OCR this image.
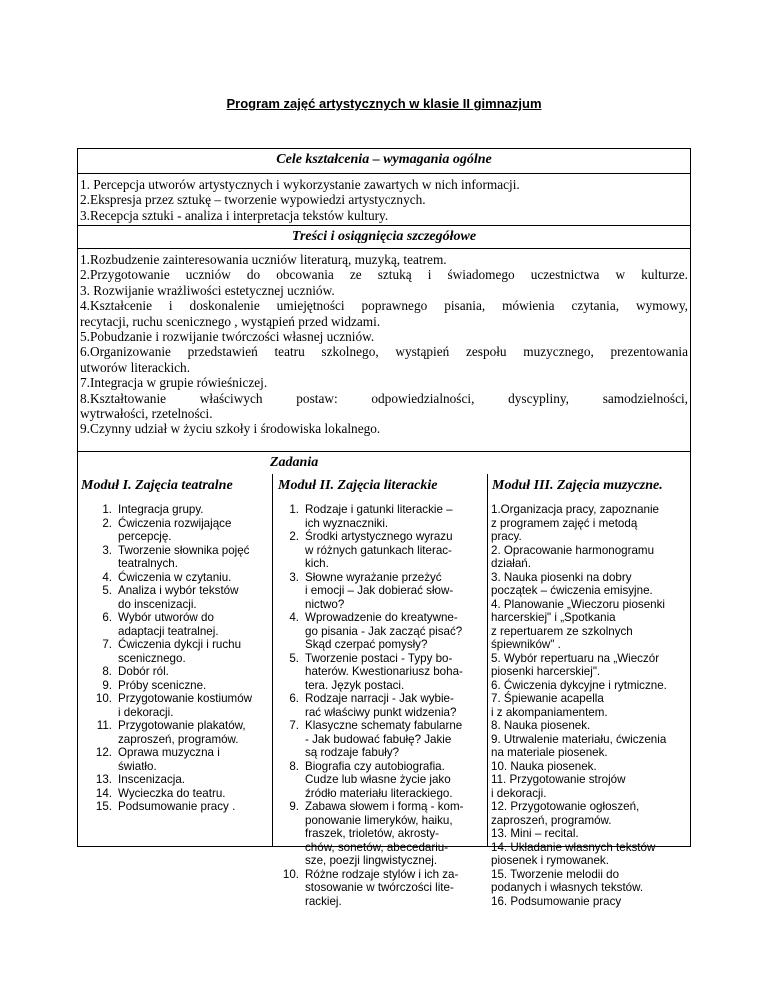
Program zajęć artystycznych w klasie II gimnazjum
Cele kształcenia – wymagania ogólne
1. Percepcja utworów artystycznych i wykorzystanie zawartych w nich informacji.
2.Ekspresja przez sztukę – tworzenie wypowiedzi artystycznych.
3.Recepcja sztuki - analiza i interpretacja tekstów kultury.
Treści i osiągnięcia szczegółowe
1.Rozbudzenie zainteresowania uczniów literaturą, muzyką, teatrem.
2.Przygotowanie uczniów do obcowania ze sztuką i świadomego uczestnictwa w kulturze.
3. Rozwijanie wrażliwości estetycznej uczniów.
4.Kształcenie i doskonalenie umiejętności poprawnego pisania, mówienia czytania, wymowy,
recytacji, ruchu scenicznego , wystąpień przed widzami.
5.Pobudzanie i rozwijanie twórczości własnej uczniów.
6.Organizowanie przedstawień teatru szkolnego, wystąpień zespołu muzycznego, prezentowania
utworów literackich.
7.Integracja w grupie rówieśniczej.
8.Kształtowanie właściwych postaw: odpowiedzialności, dyscypliny, samodzielności,
wytrwałości, rzetelności.
9.Czynny udział w życiu szkoły i środowiska lokalnego.
Zadania
Moduł I. Zajęcia teatralne	Moduł II. Zajęcia literackie	Moduł III. Zajęcia muzyczne.
1. Integracja grupy.
2. Ćwiczenia rozwijające
percepcję.
3. Tworzenie słownika pojęć
teatralnych.
4. Ćwiczenia w czytaniu.
5. Analiza i wybór tekstów
do inscenizacji.
6. Wybór utworów do
adaptacji teatralnej.
7. Ćwiczenia dykcji i ruchu
scenicznego.
8. Dobór ról.
9. Próby sceniczne.
10. Przygotowanie kostiumów
i dekoracji.
11. Przygotowanie plakatów,
zaproszeń, programów.
12. Oprawa muzyczna i
światło.
13. Inscenizacja.
14. Wycieczka do teatru.
15. Podsumowanie pracy .
1. Rodzaje i gatunki literackie –
ich wyznaczniki.
2. Środki artystycznego wyrazu
w różnych gatunkach literac-
kich.
3. Słowne wyrażanie przeżyć
i emocji – Jak dobierać słow-
nictwo?
4. Wprowadzenie do kreatywne-
go pisania - Jak zacząć pisać?
Skąd czerpać pomysły?
5. Tworzenie postaci - Typy bo-
haterów. Kwestionariusz boha-
tera. Język postaci.
6. Rodzaje narracji - Jak wybie-
rać właściwy punkt widzenia?
7. Klasyczne schematy fabularne
- Jak budować fabułę? Jakie
są rodzaje fabuły?
8. Biografia czy autobiografia.
Cudze lub własne życie jako
źródło materiału literackiego.
9. Zabawa słowem i formą - kom-
ponowanie limeryków, haiku,
fraszek, trioletów, akrosty-
chów, sonetów, abecedariu-
sze, poezji lingwistycznej.
10. Różne rodzaje stylów i ich za-
stosowanie w twórczości lite-
rackiej.

1.Organizacja pracy, zapoznanie

z programem zajęć i metodą

pracy.

2. Opracowanie harmonogramu

działań.

3. Nauka piosenki na dobry

początek – ćwiczenia emisyjne.

4. Planowanie „Wieczoru piosenki

harcerskiej" i „Spotkania

z repertuarem ze szkolnych

śpiewników" .

5. Wybór repertuaru na „Wieczór

piosenki harcerskiej".

6. Ćwiczenia dykcyjne i rytmiczne.

7. Śpiewanie acapella

i z akompaniamentem.

8. Nauka piosenek.

9. Utrwalenie materiału, ćwiczenia

na materiale piosenek.

10. Nauka piosenek.

11. Przygotowanie strojów

i dekoracji.

12. Przygotowanie ogłoszeń,

zaproszeń, programów.

13. Mini – recital.

14. Układanie własnych tekstów

piosenek i rymowanek.

15. Tworzenie melodii do

podanych i własnych tekstów.

16. Podsumowanie pracy
